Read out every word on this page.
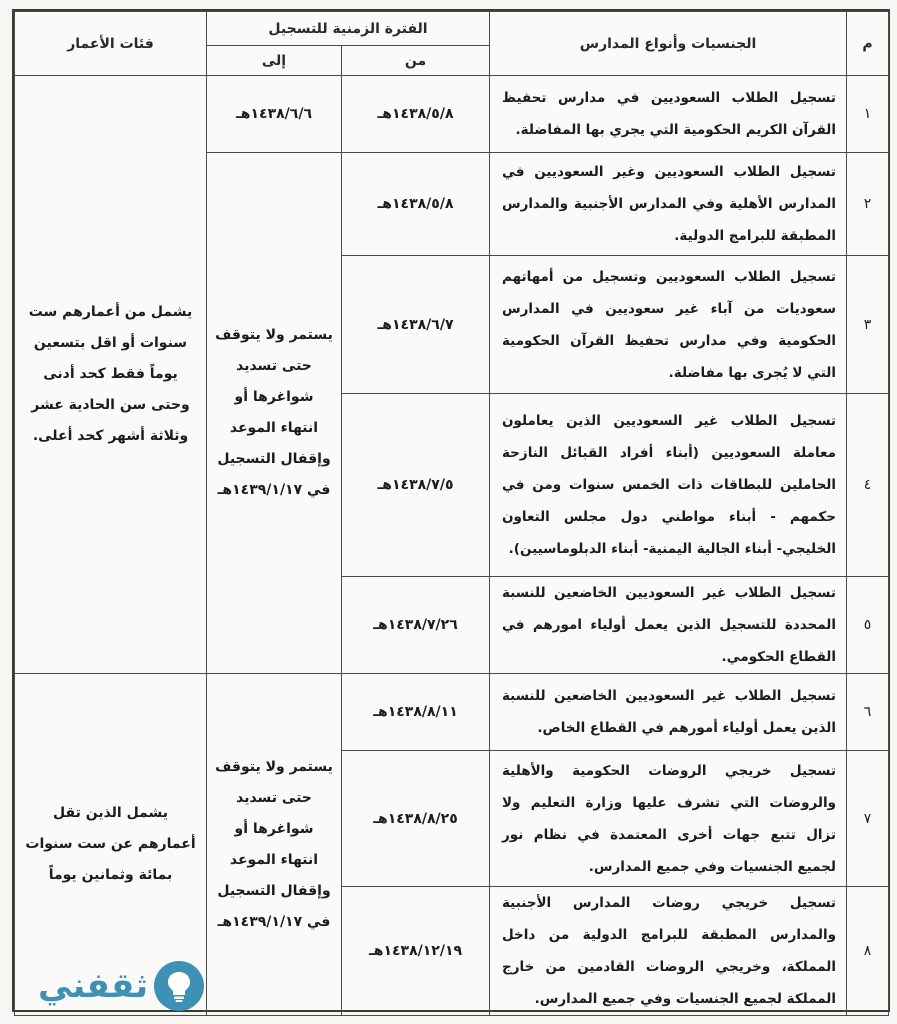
م	الجنسيات وأنواع المدارس	الفترة الزمنية للتسجيل		فئات الأعمار
		من	إلى	
١	تسجيل الطلاب السعوديين في مدارس تحفيظ القرآن الكريم الحكومية التي يجري بها المفاضلة.	١٤٣٨/٥/٨هـ	١٤٣٨/٦/٦هـ	يشمل من أعمارهم ست سنوات أو اقل بتسعين يوماً فقط كحد أدنى وحتى سن الحادية عشر وثلاثة أشهر كحد أعلى.
٢	تسجيل الطلاب السعوديين وغير السعوديين في المدارس الأهلية وفي المدارس الأجنبية والمدارس المطبقة للبرامج الدولية.	١٤٣٨/٥/٨هـ	يستمر ولا يتوقف حتى تسديد شواغرها أو انتهاء الموعد وإقفال التسجيل في ١٤٣٩/١/١٧هـ	
٣	تسجيل الطلاب السعوديين وتسجيل من أمهاتهم سعوديات من آباء غير سعوديين في المدارس الحكومية وفي مدارس تحفيظ القرآن الحكومية التي لا يُجرى بها مفاضلة.	١٤٣٨/٦/٧هـ		
٤	تسجيل الطلاب غير السعوديين الذين يعاملون معاملة السعوديين (أبناء أفراد القبائل النازحة الحاملين للبطاقات ذات الخمس سنوات ومن في حكمهم - أبناء مواطني دول مجلس التعاون الخليجي- أبناء الجالية اليمنية- أبناء الدبلوماسيين).	١٤٣٨/٧/٥هـ		
٥	تسجيل الطلاب غير السعوديين الخاضعين للنسبة المحددة للتسجيل الذين يعمل أولياء امورهم في القطاع الحكومي.	١٤٣٨/٧/٢٦هـ		
٦	تسجيل الطلاب غير السعوديين الخاضعين للنسبة الذين يعمل أولياء أمورهم في القطاع الخاص.	١٤٣٨/٨/١١هـ	يستمر ولا يتوقف حتى تسديد شواغرها أو انتهاء الموعد وإقفال التسجيل في ١٤٣٩/١/١٧هـ	يشمل الذين تقل أعمارهم عن ست سنوات بمائة وثمانين يوماً
٧	تسجيل خريجي الروضات الحكومية والأهلية والروضات التي تشرف عليها وزارة التعليم ولا تزال تتبع جهات أخرى المعتمدة في نظام نور لجميع الجنسيات وفي جميع المدارس.	١٤٣٨/٨/٢٥هـ		
٨	تسجيل خريجي روضات المدارس الأجنبية والمدارس المطبقة للبرامج الدولية من داخل المملكة، وخريجي الروضات القادمين من خارج المملكة لجميع الجنسيات وفي جميع المدارس.	١٤٣٨/١٢/١٩هـ		
ثقفني
